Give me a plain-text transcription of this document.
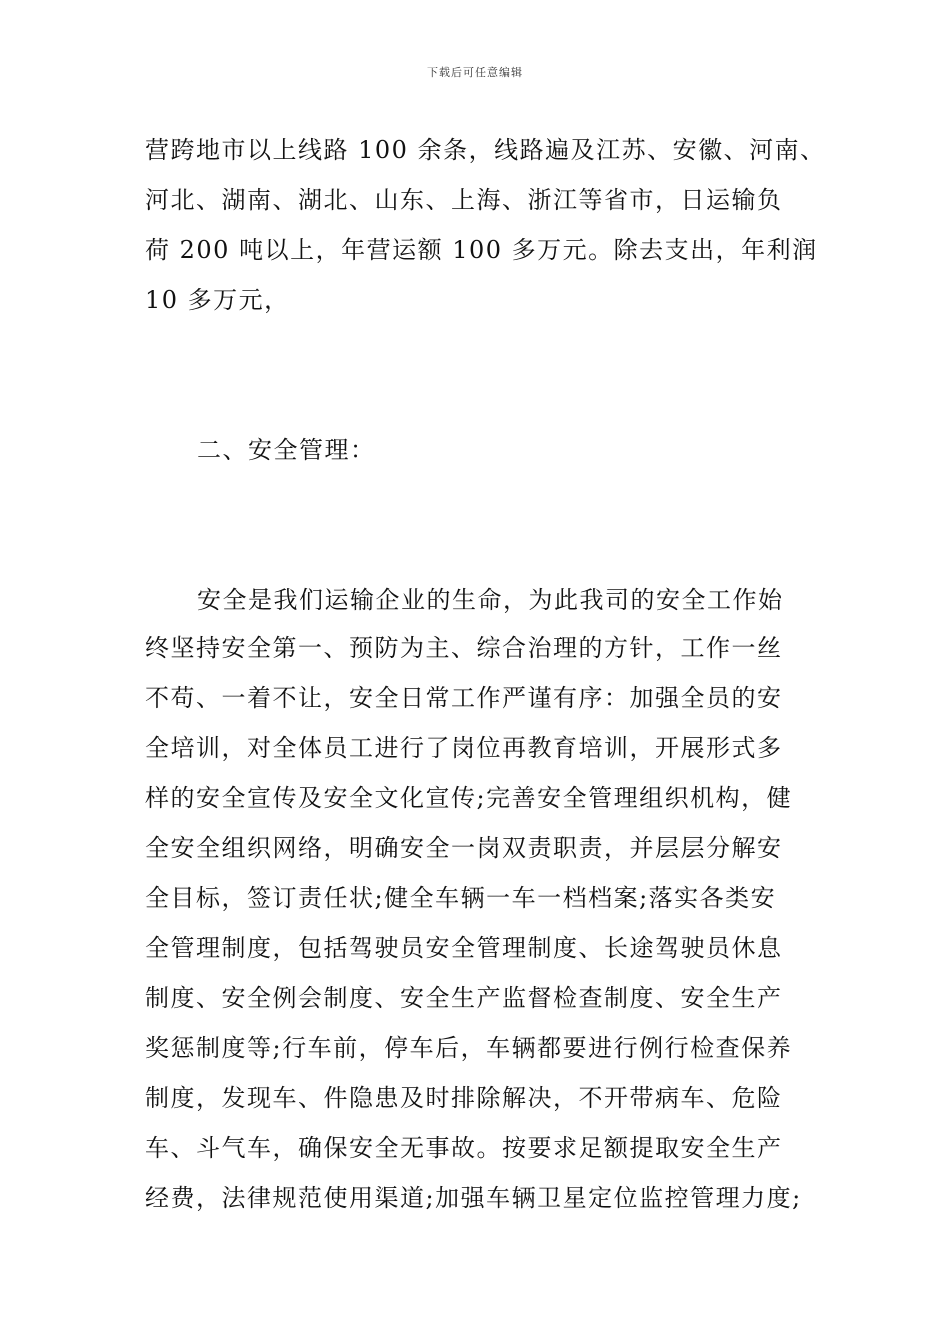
下载后可任意编辑
营跨地市以上线路 100 余条，线路遍及江苏、安徽、河南、
河北、湖南、湖北、山东、上海、浙江等省市，日运输负
荷 200 吨以上，年营运额 100 多万元。除去支出，年利润
10 多万元，
二、安全管理：
安全是我们运输企业的生命，为此我司的安全工作始
终坚持安全第一、预防为主、综合治理的方针，工作一丝
不苟、一着不让，安全日常工作严谨有序：加强全员的安
全培训，对全体员工进行了岗位再教育培训，开展形式多
样的安全宣传及安全文化宣传;完善安全管理组织机构，健
全安全组织网络，明确安全一岗双责职责，并层层分解安
全目标，签订责任状;健全车辆一车一档档案;落实各类安
全管理制度，包括驾驶员安全管理制度、长途驾驶员休息
制度、安全例会制度、安全生产监督检查制度、安全生产
奖惩制度等;行车前，停车后，车辆都要进行例行检查保养
制度，发现车、件隐患及时排除解决，不开带病车、危险
车、斗气车，确保安全无事故。按要求足额提取安全生产
经费，法律规范使用渠道;加强车辆卫星定位监控管理力度;
